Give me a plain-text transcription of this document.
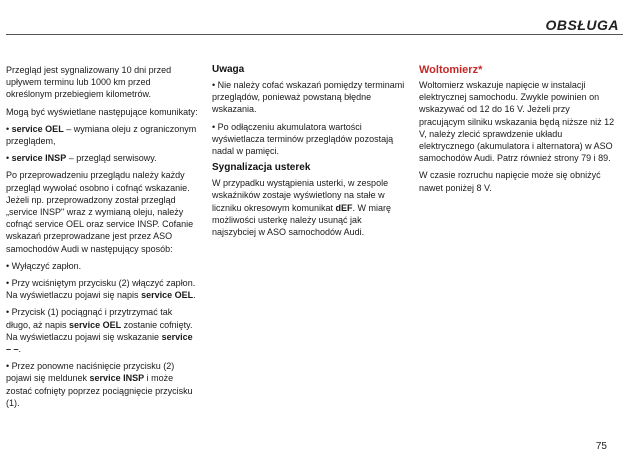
OBSŁUGA

Przegląd jest sygnalizowany 10 dni przed upływem terminu lub 1000 km przed określonym przebiegiem kilometrów.

Mogą być wyświetlane następujące komunikaty:

• service OEL – wymiana oleju z ograniczonym przeglądem,

• service INSP – przegląd serwisowy.

Po przeprowadzeniu przeglądu należy każdy przegląd wywołać osobno i cofnąć wskazanie. Jeżeli np. przeprowadzony został przegląd „service INSP" wraz z wymianą oleju, należy cofnąć service OEL oraz service INSP. Cofanie wskazań przeprowadzane jest przez ASO samochodów Audi w następujący sposób:

• Wyłączyć zapłon.

• Przy wciśniętym przycisku (2) włączyć zapłon. Na wyświetlaczu pojawi się napis service OEL.

• Przycisk (1) pociągnąć i przytrzymać tak długo, aż napis service OEL zostanie cofnięty. Na wyświetlaczu pojawi się wskazanie service – –.

• Przez ponowne naciśnięcie przycisku (2) pojawi się meldunek service INSP i może zostać cofnięty poprzez pociągnięcie przycisku (1).

Uwaga

• Nie należy cofać wskazań pomiędzy terminami przeglądów, ponieważ powstaną błędne wskazania.

• Po odłączeniu akumulatora wartości wyświetlacza terminów przeglądów pozostają nadal w pamięci.

Sygnalizacja usterek

W przypadku wystąpienia usterki, w zespole wskaźników zostaje wyświetlony na stałe w liczniku okresowym komunikat dEF. W miarę możliwości usterkę należy usunąć jak najszybciej w ASO samochodów Audi.

Woltomierz*

Woltomierz wskazuje napięcie w instalacji elektrycznej samochodu. Zwykle powinien on wskazywać od 12 do 16 V. Jeżeli przy pracującym silniku wskazania będą niższe niż 12 V, należy zlecić sprawdzenie układu elektrycznego (akumulatora i alternatora) w ASO samochodów Audi. Patrz również strony 79 i 89.

W czasie rozruchu napięcie może się obniżyć nawet poniżej 8 V.

75
